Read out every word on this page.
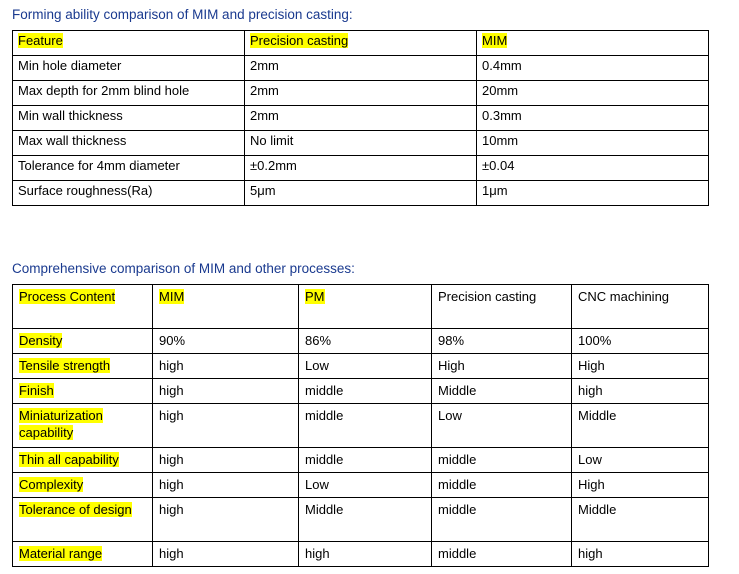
Forming ability comparison of MIM and precision casting:
Feature	Precision casting	MIM
Min hole diameter	2mm	0.4mm
Max depth for 2mm blind hole	2mm	20mm
Min wall thickness	2mm	0.3mm
Max wall thickness	No limit	10mm
Tolerance for 4mm diameter	±0.2mm	±0.04
Surface roughness(Ra)	5μm	1μm
Comprehensive comparison of MIM and other processes:
Process Content	MIM	PM	Precision casting	CNC machining
Density	90%	86%	98%	100%
Tensile strength	high	Low	High	High
Finish	high	middle	Middle	high
Miniaturization capability	high	middle	Low	Middle
Thin all capability	high	middle	middle	Low
Complexity	high	Low	middle	High
Tolerance of design	high	Middle	middle	Middle
Material range	high	high	middle	high
